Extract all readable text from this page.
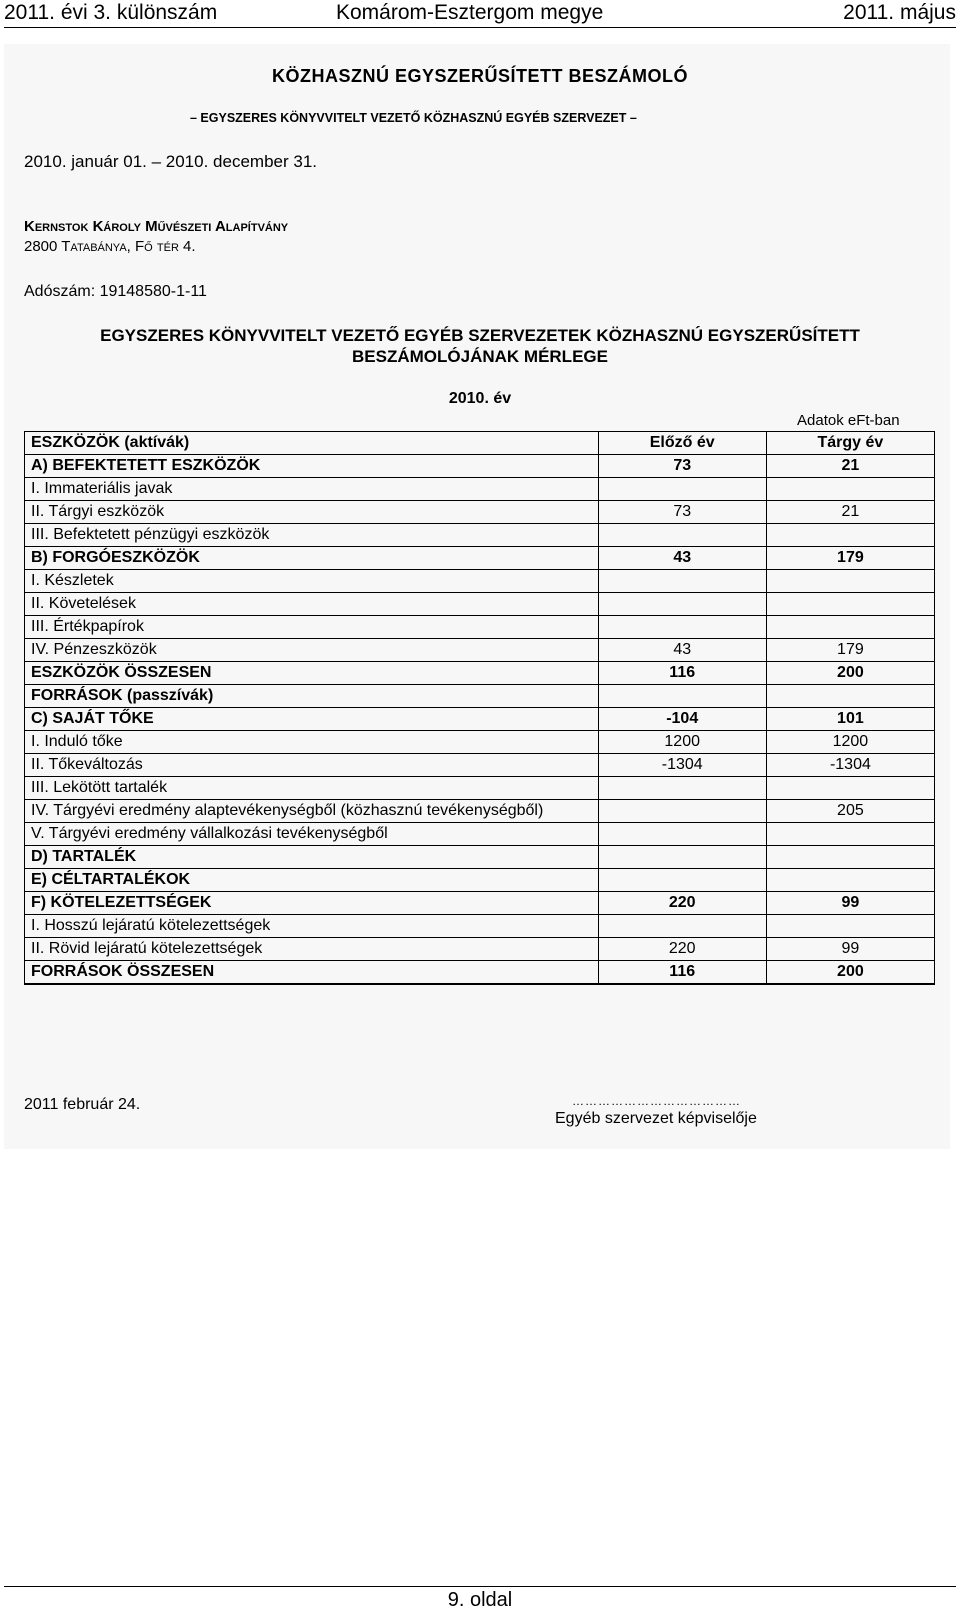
2011. évi 3. különszám	Komárom-Esztergom megye	2011. május
KÖZHASZNÚ EGYSZERŰSÍTETT BESZÁMOLÓ
– EGYSZERES KÖNYVVITELT VEZETŐ KÖZHASZNÚ EGYÉB SZERVEZET –
2010. január 01. – 2010. december 31.
Kernstok Károly Művészeti Alapítvány
2800 Tatabánya, Fő tér 4.
Adószám: 19148580-1-11
EGYSZERES KÖNYVVITELT VEZETŐ EGYÉB SZERVEZETEK KÖZHASZNÚ EGYSZERŰSÍTETT BESZÁMOLÓJÁNAK MÉRLEGE
2010. év
Adatok eFt-ban
ESZKÖZÖK (aktívák)	Előző év	Tárgy év
A) BEFEKTETETT ESZKÖZÖK	73	21
I. Immateriális javak		
II. Tárgyi eszközök	73	21
III. Befektetett pénzügyi eszközök		
B) FORGÓESZKÖZÖK	43	179
I. Készletek		
II. Követelések		
III. Értékpapírok		
IV. Pénzeszközök	43	179
ESZKÖZÖK ÖSSZESEN	116	200
FORRÁSOK (passzívák)		
C) SAJÁT TŐKE	-104	101
I. Induló tőke	1200	1200
II. Tőkeváltozás	-1304	-1304
III. Lekötött tartalék		
IV. Tárgyévi eredmény alaptevékenységből (közhasznú tevékenységből)		205
V. Tárgyévi eredmény vállalkozási tevékenységből		
D) TARTALÉK		
E) CÉLTARTALÉKOK		
F) KÖTELEZETTSÉGEK	220	99
I. Hosszú lejáratú kötelezettségek		
II. Rövid lejáratú kötelezettségek	220	99
FORRÁSOK ÖSSZESEN	116	200
2011 február 24.	…………………………………
Egyéb szervezet képviselője
9. oldal
